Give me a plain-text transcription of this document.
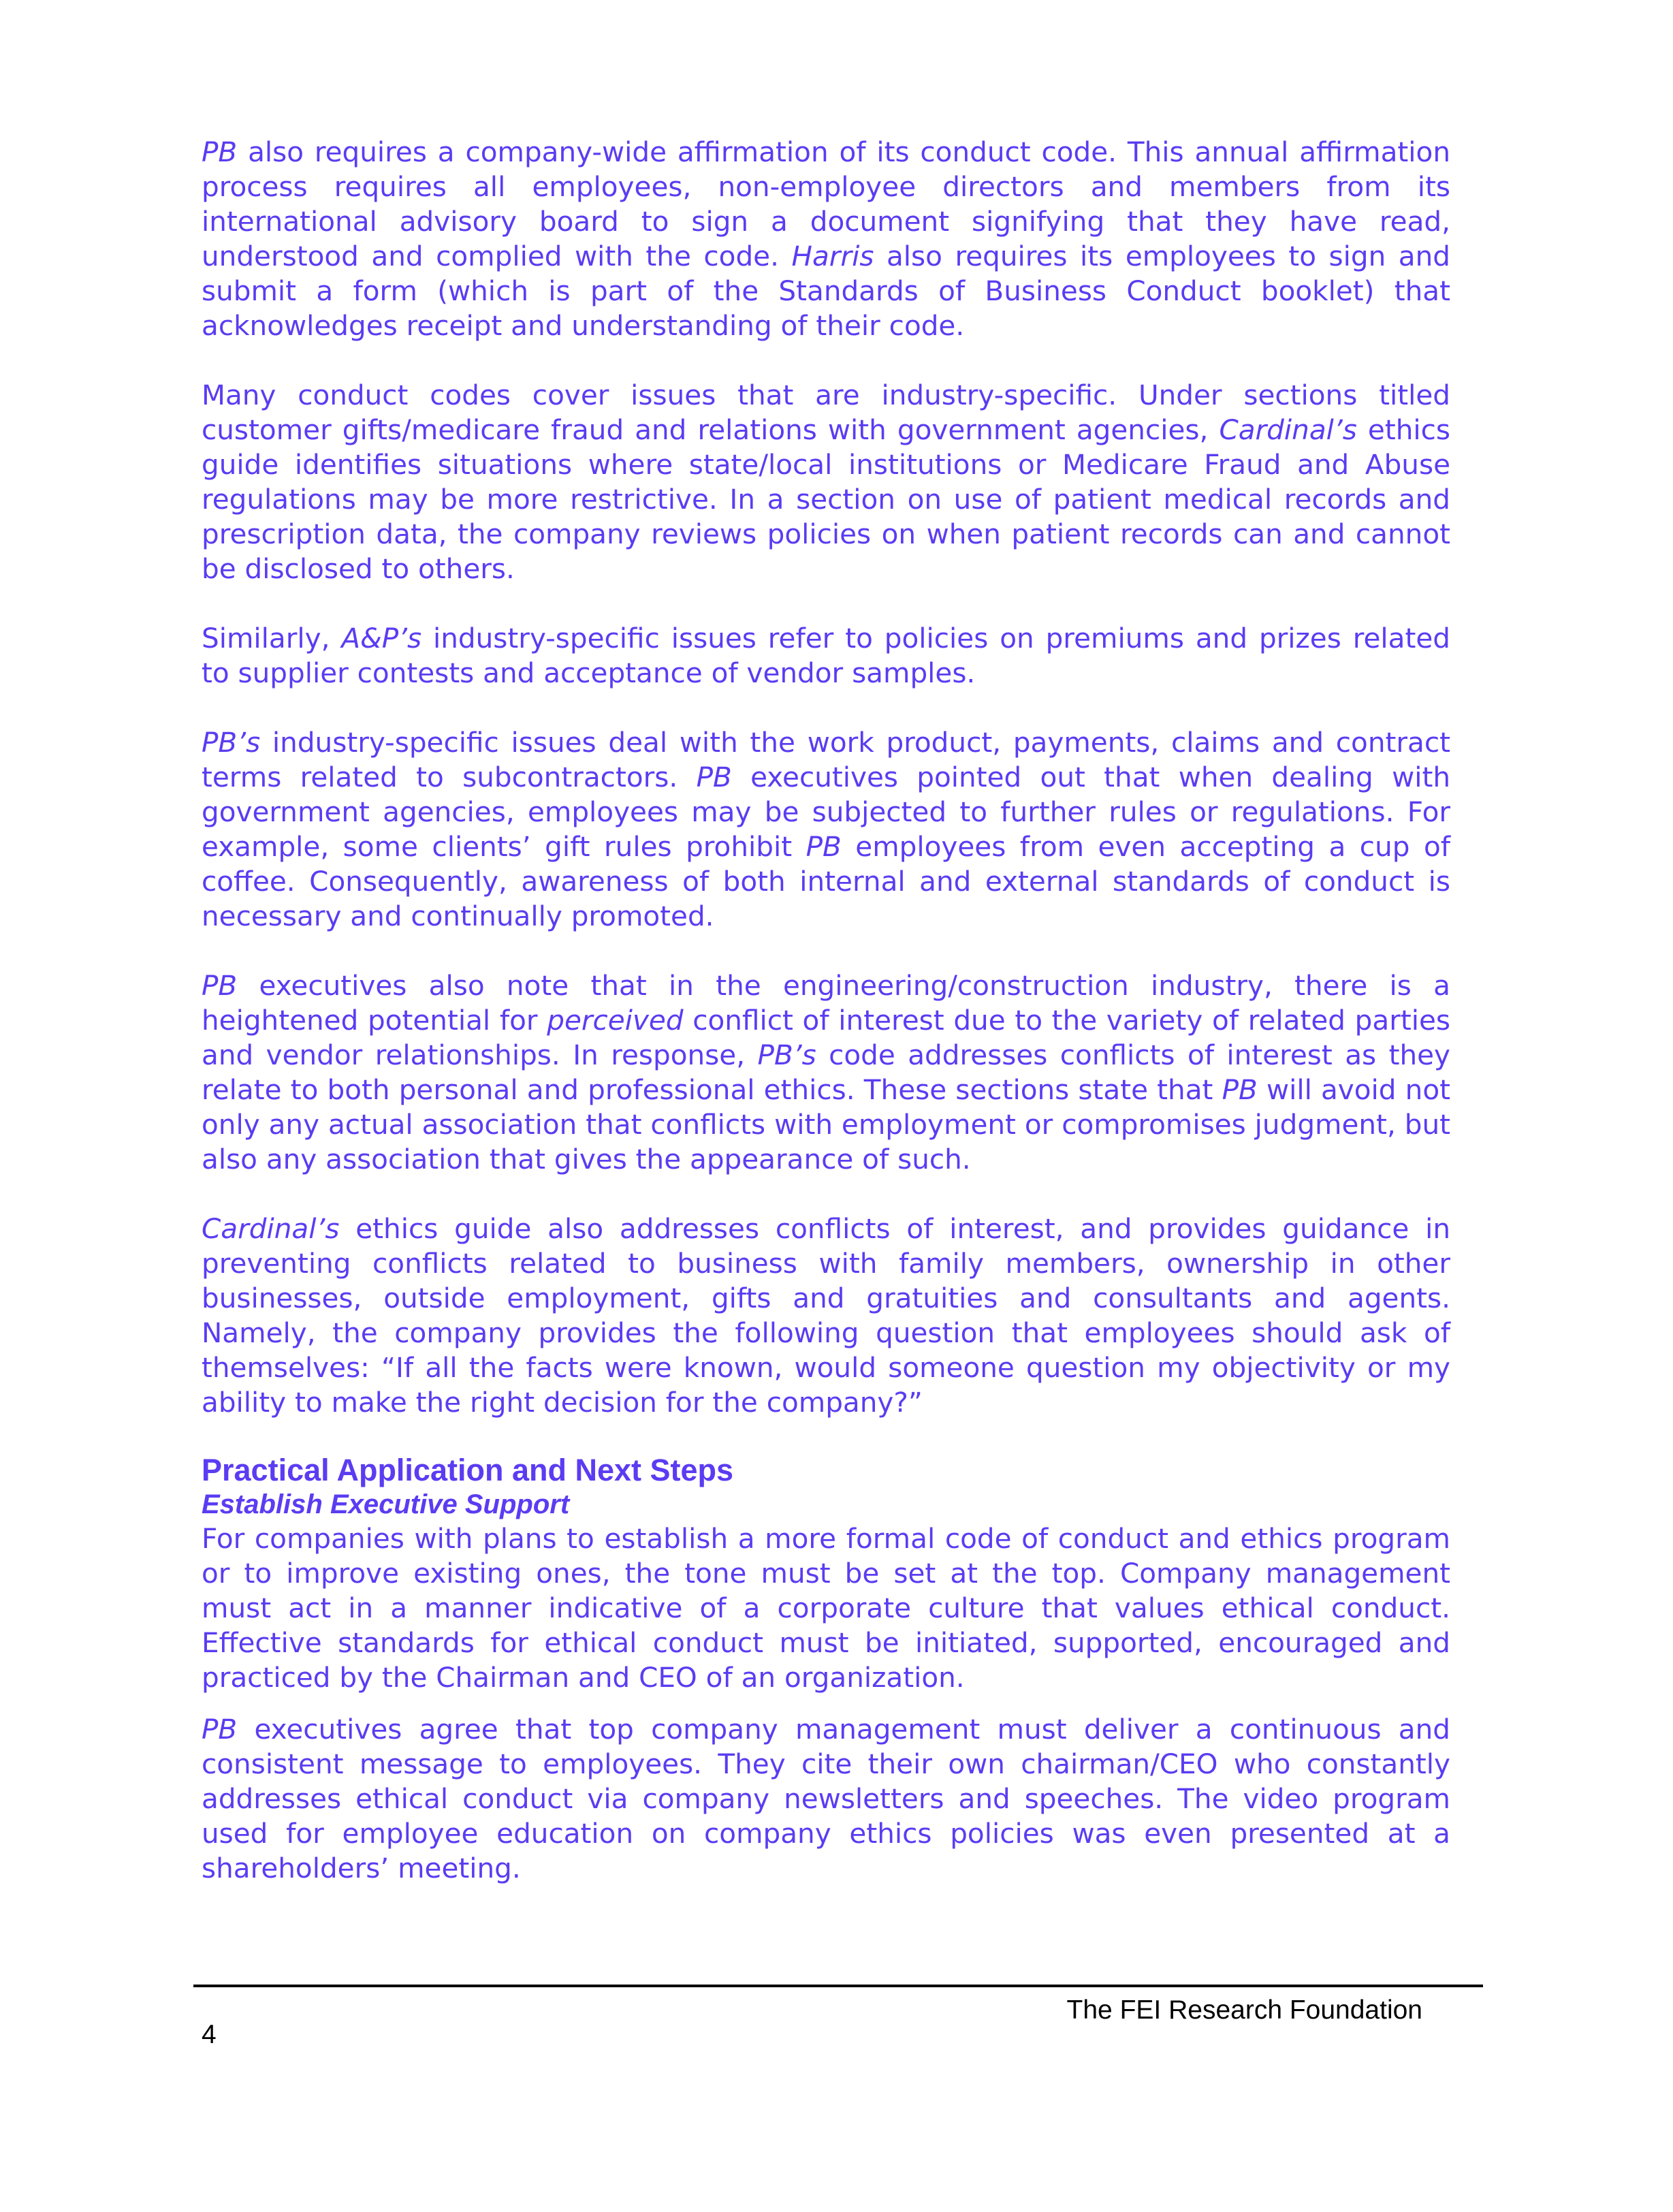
PB also requires a company-wide affirmation of its conduct code. This annual affirmation process requires all employees, non-employee directors and members from its international advisory board to sign a document signifying that they have read, understood and complied with the code. Harris also requires its employees to sign and submit a form (which is part of the Standards of Business Conduct booklet) that acknowledges receipt and understanding of their code.

Many conduct codes cover issues that are industry-specific. Under sections titled customer gifts/medicare fraud and relations with government agencies, Cardinal’s ethics guide identifies situations where state/local institutions or Medicare Fraud and Abuse regulations may be more restrictive. In a section on use of patient medical records and prescription data, the company reviews policies on when patient records can and cannot be disclosed to others.

Similarly, A&P’s industry-specific issues refer to policies on premiums and prizes related to supplier contests and acceptance of vendor samples.

PB’s industry-specific issues deal with the work product, payments, claims and contract terms related to subcontractors. PB executives pointed out that when dealing with government agencies, employees may be subjected to further rules or regulations. For example, some clients’ gift rules prohibit PB employees from even accepting a cup of coffee. Consequently, awareness of both internal and external standards of conduct is necessary and continually promoted.

PB executives also note that in the engineering/construction industry, there is a heightened potential for perceived conflict of interest due to the variety of related parties and vendor relationships. In response, PB’s code addresses conflicts of interest as they relate to both personal and professional ethics. These sections state that PB will avoid not only any actual association that conflicts with employment or compromises judgment, but also any association that gives the appearance of such.

Cardinal’s ethics guide also addresses conflicts of interest, and provides guidance in preventing conflicts related to business with family members, ownership in other businesses, outside employment, gifts and gratuities and consultants and agents. Namely, the company provides the following question that employees should ask of themselves: “If all the facts were known, would someone question my objectivity or my ability to make the right decision for the company?”

Practical Application and Next Steps
Establish Executive Support

For companies with plans to establish a more formal code of conduct and ethics program or to improve existing ones, the tone must be set at the top. Company management must act in a manner indicative of a corporate culture that values ethical conduct. Effective standards for ethical conduct must be initiated, supported, encouraged and practiced by the Chairman and CEO of an organization.

PB executives agree that top company management must deliver a continuous and consistent message to employees. They cite their own chairman/CEO who constantly addresses ethical conduct via company newsletters and speeches. The video program used for employee education on company ethics policies was even presented at a shareholders’ meeting.

The FEI Research Foundation
4
